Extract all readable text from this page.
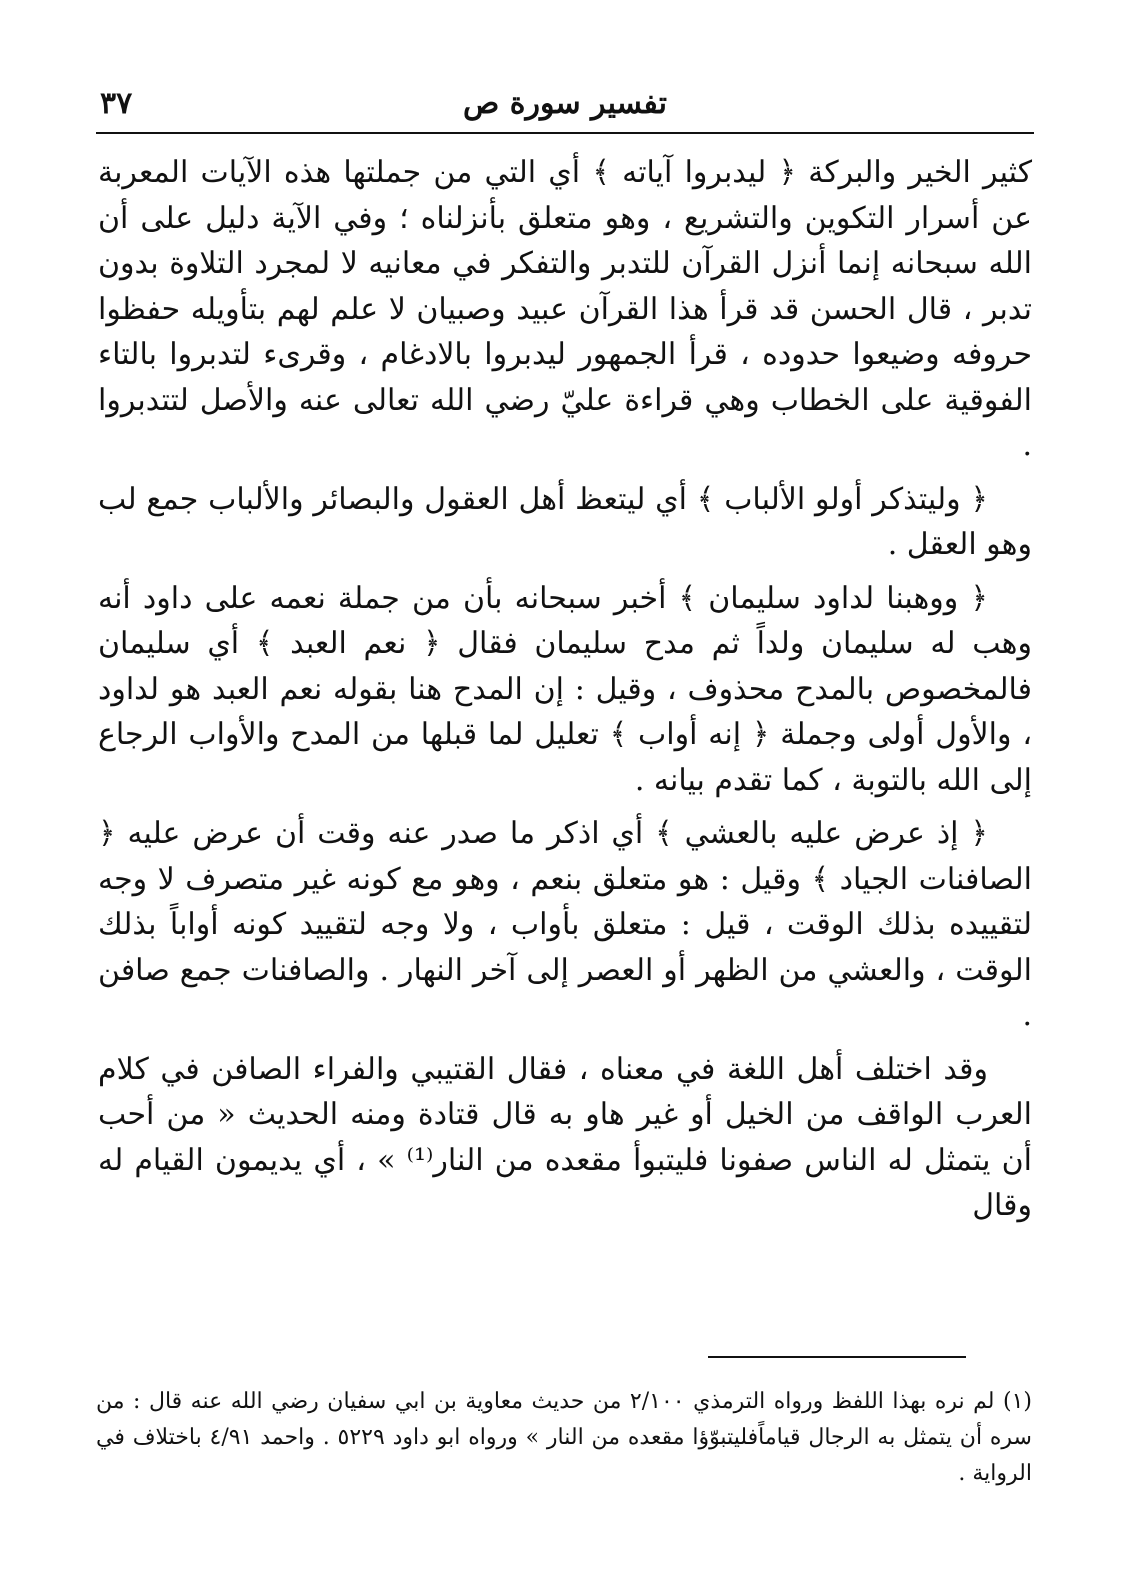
تفسير سورة ص
٣٧

كثير الخير والبركة ﴿ ليدبروا آياته ﴾ أي التي من جملتها هذه الآيات المعربة عن أسرار التكوين والتشريع ، وهو متعلق بأنزلناه ؛ وفي الآية دليل على أن الله سبحانه إنما أنزل القرآن للتدبر والتفكر في معانيه لا لمجرد التلاوة بدون تدبر ، قال الحسن قد قرأ هذا القرآن عبيد وصبيان لا علم لهم بتأويله حفظوا حروفه وضيعوا حدوده ، قرأ الجمهور ليدبروا بالادغام ، وقرىء لتدبروا بالتاء الفوقية على الخطاب وهي قراءة عليّ رضي الله تعالى عنه والأصل لتتدبروا .

﴿ وليتذكر أولو الألباب ﴾ أي ليتعظ أهل العقول والبصائر والألباب جمع لب وهو العقل .

﴿ ووهبنا لداود سليمان ﴾ أخبر سبحانه بأن من جملة نعمه على داود أنه وهب له سليمان ولداً ثم مدح سليمان فقال ﴿ نعم العبد ﴾ أي سليمان فالمخصوص بالمدح محذوف ، وقيل : إن المدح هنا بقوله نعم العبد هو لداود ، والأول أولى وجملة ﴿ إنه أواب ﴾ تعليل لما قبلها من المدح والأواب الرجاع إلى الله بالتوبة ، كما تقدم بيانه .

﴿ إذ عرض عليه بالعشي ﴾ أي اذكر ما صدر عنه وقت أن عرض عليه ﴿ الصافنات الجياد ﴾ وقيل : هو متعلق بنعم ، وهو مع كونه غير متصرف لا وجه لتقييده بذلك الوقت ، قيل : متعلق بأواب ، ولا وجه لتقييد كونه أواباً بذلك الوقت ، والعشي من الظهر أو العصر إلى آخر النهار . والصافنات جمع صافن .

وقد اختلف أهل اللغة في معناه ، فقال القتيبي والفراء الصافن في كلام العرب الواقف من الخيل أو غير هاو به قال قتادة ومنه الحديث « من أحب أن يتمثل له الناس صفونا فليتبوأ مقعده من النار⁽¹⁾ » ، أي يديمون القيام له وقال

(١) لم نره بهذا اللفظ ورواه الترمذي ٢/١٠٠ من حديث معاوية بن ابي سفيان رضي الله عنه قال : من سره أن يتمثل به الرجال قياماًفليتبوّؤا مقعده من النار » ورواه ابو داود ٥٢٢٩ . واحمد ٤/٩١ باختلاف في الرواية .
